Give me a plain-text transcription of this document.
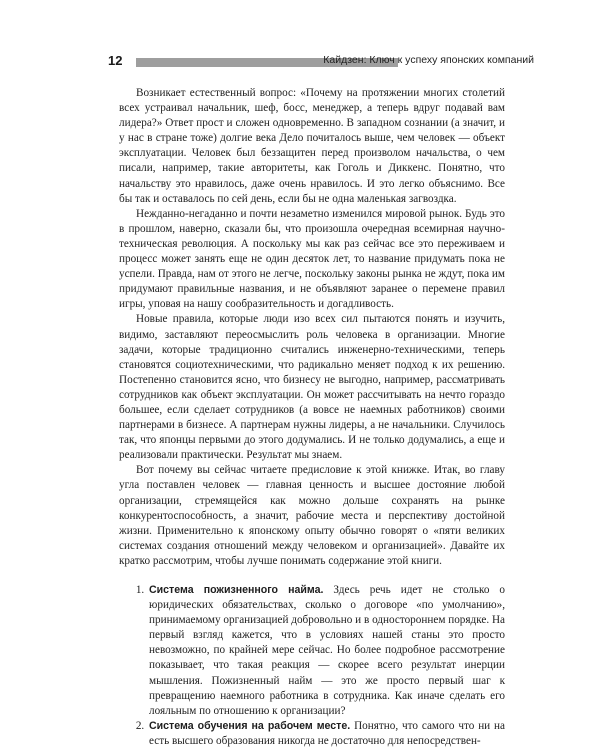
12	Кайдзен: Ключ к успеху японских компаний

Возникает естественный вопрос: «Почему на протяжении многих столетий всех устраивал начальник, шеф, босс, менеджер, а теперь вдруг подавай вам лидера?» Ответ прост и сложен одновременно. В западном сознании (а значит, и у нас в стране тоже) долгие века Дело почиталось выше, чем человек — объект эксплуатации. Человек был беззащитен перед произволом начальства, о чем писали, например, такие авторитеты, как Гоголь и Диккенс. Понятно, что начальству это нравилось, даже очень нравилось. И это легко объяснимо. Все бы так и оставалось по сей день, если бы не одна маленькая загвоздка.

Нежданно-негаданно и почти незаметно изменился мировой рынок. Будь это в прошлом, наверно, сказали бы, что произошла очередная всемирная научно-техническая революция. А поскольку мы как раз сейчас все это переживаем и процесс может занять еще не один десяток лет, то название придумать пока не успели. Правда, нам от этого не легче, поскольку законы рынка не ждут, пока им придумают правильные названия, и не объявляют заранее о перемене правил игры, уповая на нашу сообразительность и догадливость.

Новые правила, которые люди изо всех сил пытаются понять и изучить, видимо, заставляют переосмыслить роль человека в организации. Многие задачи, которые традиционно считались инженерно-техническими, теперь становятся социотехническими, что радикально меняет подход к их решению. Постепенно становится ясно, что бизнесу не выгодно, например, рассматривать сотрудников как объект эксплуатации. Он может рассчитывать на нечто гораздо большее, если сделает сотрудников (а вовсе не наемных работников) своими партнерами в бизнесе. А партнерам нужны лидеры, а не начальники. Случилось так, что японцы первыми до этого додумались. И не только додумались, а еще и реализовали практически. Результат мы знаем.

Вот почему вы сейчас читаете предисловие к этой книжке. Итак, во главу угла поставлен человек — главная ценность и высшее достояние любой организации, стремящейся как можно дольше сохранять на рынке конкурентоспособность, а значит, рабочие места и перспективу достойной жизни. Применительно к японскому опыту обычно говорят о «пяти великих системах создания отношений между человеком и организацией». Давайте их кратко рассмотрим, чтобы лучше понимать содержание этой книги.

1. Система пожизненного найма. Здесь речь идет не столько о юридических обязательствах, сколько о договоре «по умолчанию», принимаемому организацией добровольно и в одностороннем порядке. На первый взгляд кажется, что в условиях нашей станы это просто невозможно, по крайней мере сейчас. Но более подробное рассмотрение показывает, что такая реакция — скорее всего результат инерции мышления. Пожизненный найм — это же просто первый шаг к превращению наемного работника в сотрудника. Как иначе сделать его лояльным по отношению к организации?
2. Система обучения на рабочем месте. Понятно, что самого что ни на есть высшего образования никогда не достаточно для непосредствен-
